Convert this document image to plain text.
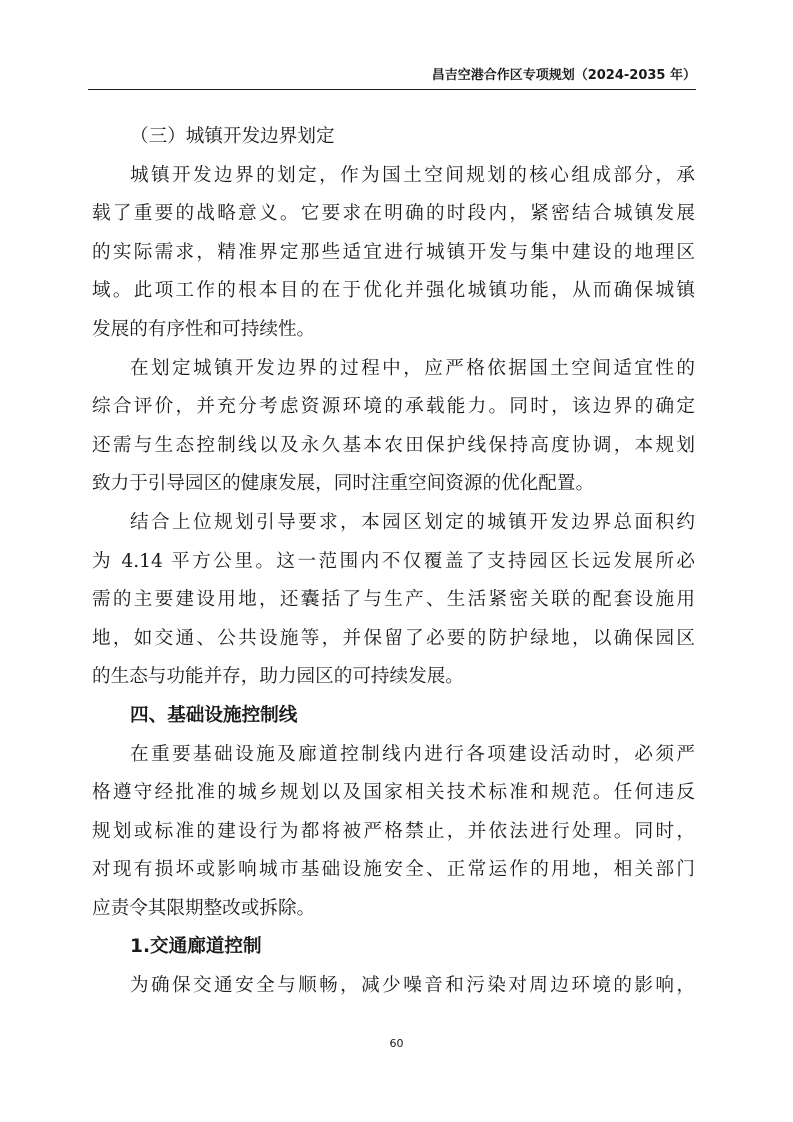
昌吉空港合作区专项规划（2024-2035 年）
（三）城镇开发边界划定
城镇开发边界的划定，作为国土空间规划的核心组成部分，承
载了重要的战略意义。它要求在明确的时段内，紧密结合城镇发展
的实际需求，精准界定那些适宜进行城镇开发与集中建设的地理区
域。此项工作的根本目的在于优化并强化城镇功能，从而确保城镇
发展的有序性和可持续性。
在划定城镇开发边界的过程中，应严格依据国土空间适宜性的
综合评价，并充分考虑资源环境的承载能力。同时，该边界的确定
还需与生态控制线以及永久基本农田保护线保持高度协调，本规划
致力于引导园区的健康发展，同时注重空间资源的优化配置。
结合上位规划引导要求，本园区划定的城镇开发边界总面积约
为 4.14 平方公里。这一范围内不仅覆盖了支持园区长远发展所必
需的主要建设用地，还囊括了与生产、生活紧密关联的配套设施用
地，如交通、公共设施等，并保留了必要的防护绿地，以确保园区
的生态与功能并存，助力园区的可持续发展。
四、基础设施控制线
在重要基础设施及廊道控制线内进行各项建设活动时，必须严
格遵守经批准的城乡规划以及国家相关技术标准和规范。任何违反
规划或标准的建设行为都将被严格禁止，并依法进行处理。同时，
对现有损坏或影响城市基础设施安全、正常运作的用地，相关部门
应责令其限期整改或拆除。
1.交通廊道控制
为确保交通安全与顺畅，减少噪音和污染对周边环境的影响，
60
